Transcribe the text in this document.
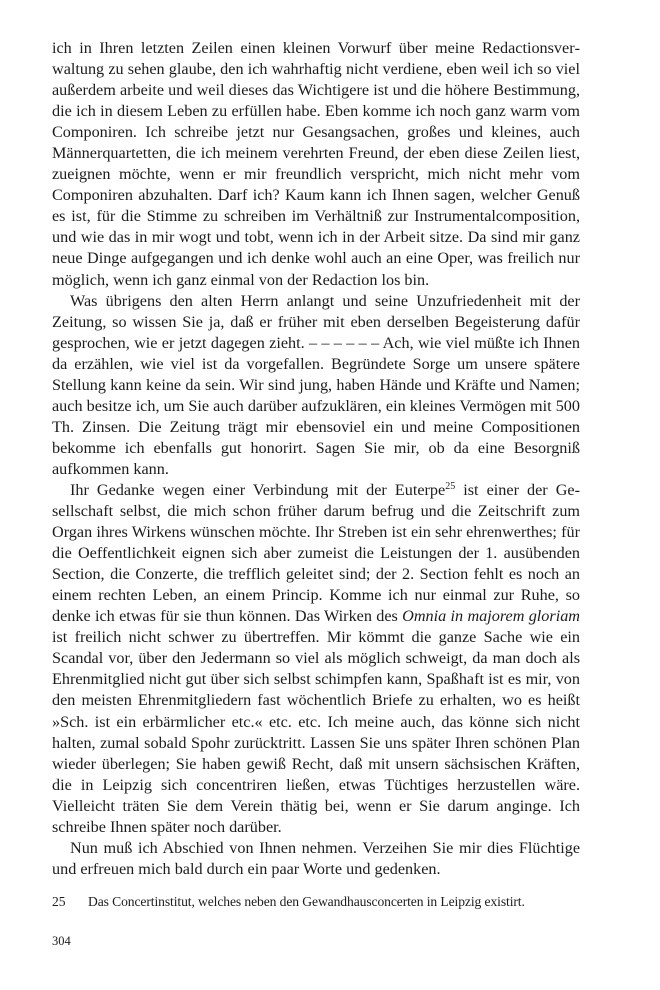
ich in Ihren letzten Zeilen einen kleinen Vorwurf über meine Redactionsverwaltung zu sehen glaube, den ich wahrhaftig nicht verdiene, eben weil ich so viel außerdem arbeite und weil dieses das Wichtigere ist und die höhere Bestimmung, die ich in diesem Leben zu erfüllen habe. Eben komme ich noch ganz warm vom Componiren. Ich schreibe jetzt nur Gesangsachen, großes und kleines, auch Männerquartetten, die ich meinem verehrten Freund, der eben diese Zeilen liest, zueignen möchte, wenn er mir freundlich verspricht, mich nicht mehr vom Componiren abzuhalten. Darf ich? Kaum kann ich Ihnen sagen, welcher Genuß es ist, für die Stimme zu schreiben im Verhältniß zur Instrumentalcomposition, und wie das in mir wogt und tobt, wenn ich in der Arbeit sitze. Da sind mir ganz neue Dinge aufgegangen und ich denke wohl auch an eine Oper, was freilich nur möglich, wenn ich ganz einmal von der Redaction los bin.

Was übrigens den alten Herrn anlangt und seine Unzufriedenheit mit der Zeitung, so wissen Sie ja, daß er früher mit eben derselben Begeisterung dafür gesprochen, wie er jetzt dagegen zieht. – – – – – – Ach, wie viel müßte ich Ihnen da erzählen, wie viel ist da vorgefallen. Begründete Sorge um unsere spätere Stellung kann keine da sein. Wir sind jung, haben Hände und Kräfte und Namen; auch besitze ich, um Sie auch darüber aufzuklären, ein kleines Vermögen mit 500 Th. Zinsen. Die Zeitung trägt mir ebensoviel ein und meine Compositionen bekomme ich ebenfalls gut honorirt. Sagen Sie mir, ob da eine Besorgniß aufkommen kann.

Ihr Gedanke wegen einer Verbindung mit der Euterpe$^{25}$ ist einer der Gesellschaft selbst, die mich schon früher darum befrug und die Zeitschrift zum Organ ihres Wirkens wünschen möchte. Ihr Streben ist ein sehr ehrenwerthes; für die Oeffentlichkeit eignen sich aber zumeist die Leistungen der 1. ausübenden Section, die Conzerte, die trefflich geleitet sind; der 2. Section fehlt es noch an einem rechten Leben, an einem Princip. Komme ich nur einmal zur Ruhe, so denke ich etwas für sie thun können. Das Wirken des Omnia in majorem gloriam ist freilich nicht schwer zu übertreffen. Mir kömmt die ganze Sache wie ein Scandal vor, über den Jedermann so viel als möglich schweigt, da man doch als Ehrenmitglied nicht gut über sich selbst schimpfen kann, Spaßhaft ist es mir, von den meisten Ehrenmitgliedern fast wöchentlich Briefe zu erhalten, wo es heißt »Sch. ist ein erbärmlicher etc.« etc. etc. Ich meine auch, das könne sich nicht halten, zumal sobald Spohr zurücktritt. Lassen Sie uns später Ihren schönen Plan wieder überlegen; Sie haben gewiß Recht, daß mit unsern sächsischen Kräften, die in Leipzig sich concentriren ließen, etwas Tüchtiges herzustellen wäre. Vielleicht träten Sie dem Verein thätig bei, wenn er Sie darum anginge. Ich schreibe Ihnen später noch darüber.

Nun muß ich Abschied von Ihnen nehmen. Verzeihen Sie mir dies Flüchtige und erfreuen mich bald durch ein paar Worte und gedenken.

25	Das Concertinstitut, welches neben den Gewandhausconcerten in Leipzig existirt.
304
